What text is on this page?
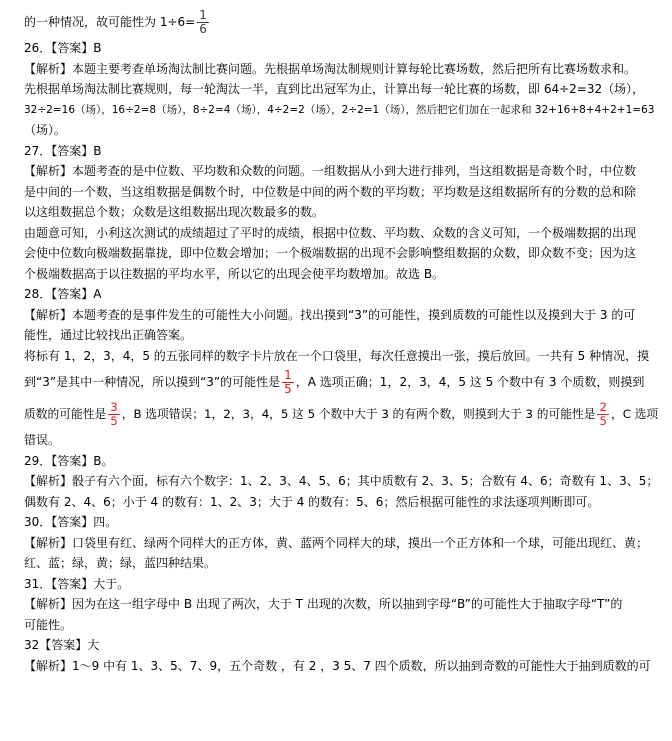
的一种情况，故可能性为 $1\div 6= \frac{1}{6}$
26．【答案】B
【解析】本题主要考查单场淘汰制比赛问题。先根据单场淘汰制规则计算每轮比赛场数，然后把所有比赛场数求和。
先根据单场淘汰制比赛规则，每一轮淘汰一半，直到比出冠军为止，计算出每一轮比赛的场数，即 64÷2=32（场），
32÷2=16（场），16÷2=8（场），8÷2=4（场），4÷2=2（场），2÷2=1（场），然后把它们加在一起求和 32+16+8+4+2+1=63
（场）。
27．【答案】B
【解析】本题考查的是中位数、平均数和众数的问题。一组数据从小到大进行排列，当这组数据是奇数个时，中位数
是中间的一个数，当这组数据是偶数个时，中位数是中间的两个数的平均数；平均数是这组数据所有的分数的总和除
以这组数据总个数；众数是这组数据出现次数最多的数。
由题意可知，小利这次测试的成绩超过了平时的成绩，根据中位数、平均数、众数的含义可知，一个极端数据的出现
会使中位数向极端数据靠拢，即中位数会增加；一个极端数据的出现不会影响整组数据的众数，即众数不变；因为这
个极端数据高于以往数据的平均水平，所以它的出现会使平均数增加。故选 B。
28．【答案】A
【解析】本题考查的是事件发生的可能性大小问题。找出摸到“3”的可能性，摸到质数的可能性以及摸到大于 3 的可
能性，通过比较找出正确答案。
将标有 1，2，3，4，5 的五张同样的数字卡片放在一个口袋里，每次任意摸出一张，摸后放回。一共有 5 种情况，摸
到“3”是其中一种情况，所以摸到“3”的可能性是 $\frac{1}{5}$ ，A 选项正确；1，2，3，4，5 这 5 个数中有 3 个质数，则摸到
质数的可能性是 $\frac{3}{5}$ ，B 选项错误；1，2，3，4，5 这 5 个数中大于 3 的有两个数，则摸到大于 3 的可能性是 $\frac{2}{5}$ ，C 选项
错误。
29．【答案】B。
【解析】骰子有六个面，标有六个数字：1、2、3、4、5、6；其中质数有 2、3、5；合数有 4、6；奇数有 1、3、5；
偶数有 2、4、6；小于 4 的数有：1、2、3；大于 4 的数有：5、6；然后根据可能性的求法逐项判断即可。
30．【答案】四。
【解析】口袋里有红、绿两个同样大的正方体，黄、蓝两个同样大的球，摸出一个正方体和一个球，可能出现红、黄；
红、蓝；绿，黄；绿，蓝四种结果。
31．【答案】大于。
【解析】因为在这一组字母中 B 出现了两次，大于 T 出现的次数，所以抽到字母“B”的可能性大于抽取字母“T”的
可能性。
32【答案】大
【解析】1～9 中有 1、3、5、7、9，五个奇数 ，有 2 ，3 5、7 四个质数，所以抽到奇数的可能性大于抽到质数的可
